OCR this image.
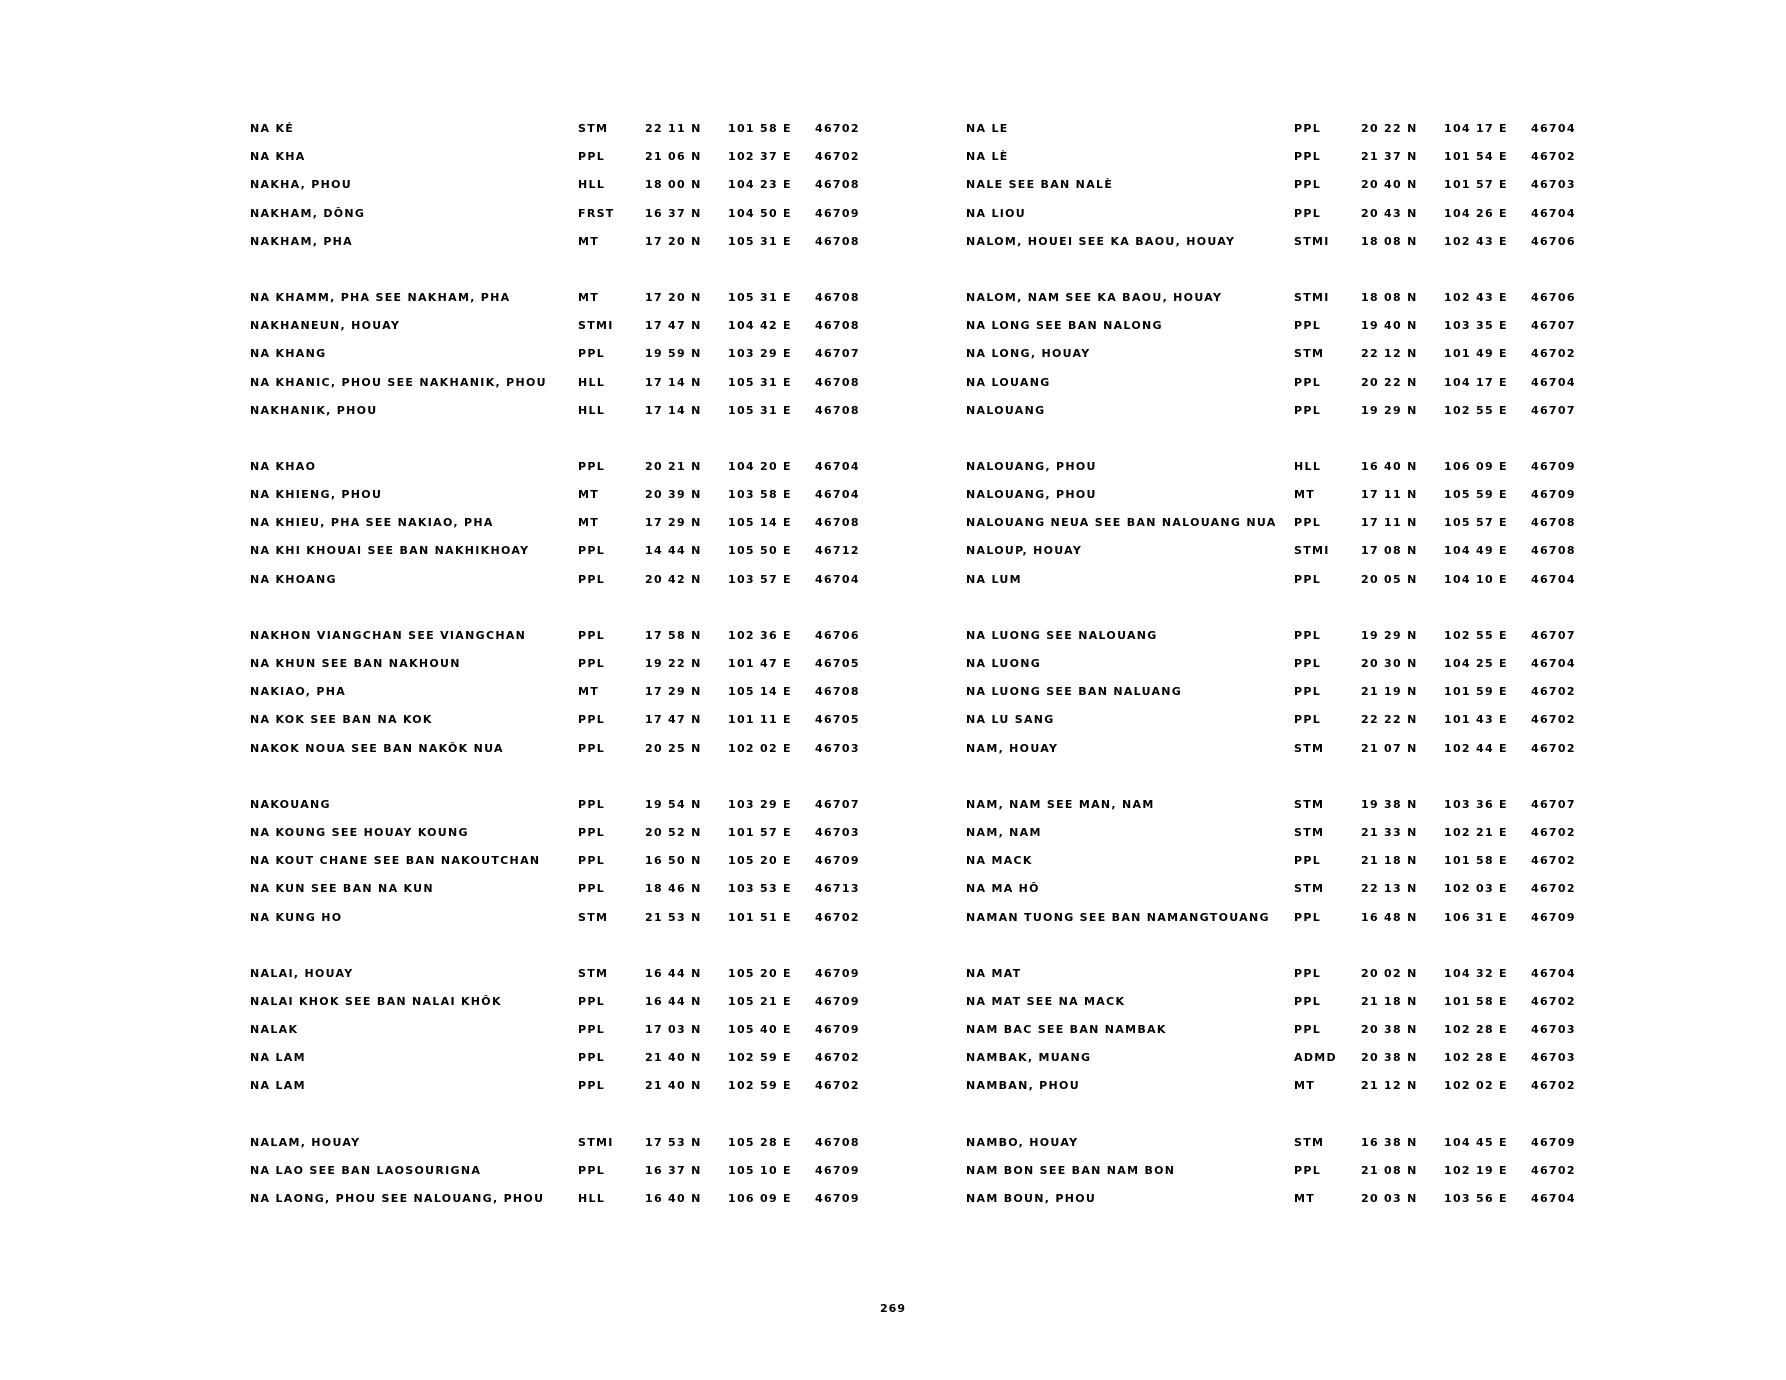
NA KÉ	STM	22 11 N 101 58 E 46702
NA KHA	PPL	21 06 N 102 37 E 46702
NAKHA, PHOU	HLL	18 00 N 104 23 E 46708
NAKHAM, DÔNG	FRST	16 37 N 104 50 E 46709
NAKHAM, PHA	MT	17 20 N 105 31 E 46708
NA KHAMM, PHA SEE NAKHAM, PHA	MT	17 20 N 105 31 E 46708
NAKHANEUN, HOUAY	STMI	17 47 N 104 42 E 46708
NA KHANG	PPL	19 59 N 103 29 E 46707
NA KHANIC, PHOU SEE NAKHANIK, PHOU	HLL	17 14 N 105 31 E 46708
NAKHANIK, PHOU	HLL	17 14 N 105 31 E 46708
NA KHAO	PPL	20 21 N 104 20 E 46704
NA KHIENG, PHOU	MT	20 39 N 103 58 E 46704
NA KHIEU, PHA SEE NAKIAO, PHA	MT	17 29 N 105 14 E 46708
NA KHI KHOUAI SEE BAN NAKHIKHOAY	PPL	14 44 N 105 50 E 46712
NA KHOANG	PPL	20 42 N 103 57 E 46704
NAKHON VIANGCHAN SEE VIANGCHAN	PPL	17 58 N 102 36 E 46706
NA KHUN SEE BAN NAKHOUN	PPL	19 22 N 101 47 E 46705
NAKIAO, PHA	MT	17 29 N 105 14 E 46708
NA KOK SEE BAN NA KOK	PPL	17 47 N 101 11 E 46705
NAKOK NOUA SEE BAN NAKÔK NUA	PPL	20 25 N 102 02 E 46703
NAKOUANG	PPL	19 54 N 103 29 E 46707
NA KOUNG SEE HOUAY KOUNG	PPL	20 52 N 101 57 E 46703
NA KOUT CHANE SEE BAN NAKOUTCHAN	PPL	16 50 N 105 20 E 46709
NA KUN SEE BAN NA KUN	PPL	18 46 N 103 53 E 46713
NA KUNG HO	STM	21 53 N 101 51 E 46702
NALAI, HOUAY	STM	16 44 N 105 20 E 46709
NALAI KHOK SEE BAN NALAI KHÔK	PPL	16 44 N 105 21 E 46709
NALAK	PPL	17 03 N 105 40 E 46709
NA LAM	PPL	21 40 N 102 59 E 46702
NA LAM	PPL	21 40 N 102 59 E 46702
NALAM, HOUAY	STMI	17 53 N 105 28 E 46708
NA LAO SEE BAN LAOSOURIGNA	PPL	16 37 N 105 10 E 46709
NA LAONG, PHOU SEE NALOUANG, PHOU	HLL	16 40 N 106 09 E 46709
NA LE	PPL	20 22 N 104 17 E 46704
NA LÈ	PPL	21 37 N 101 54 E 46702
NALE SEE BAN NALÈ	PPL	20 40 N 101 57 E 46703
NA LIOU	PPL	20 43 N 104 26 E 46704
NALOM, HOUEI SEE KA BAOU, HOUAY	STMI	18 08 N 102 43 E 46706
NALOM, NAM SEE KA BAOU, HOUAY	STMI	18 08 N 102 43 E 46706
NA LONG SEE BAN NALONG	PPL	19 40 N 103 35 E 46707
NA LONG, HOUAY	STM	22 12 N 101 49 E 46702
NA LOUANG	PPL	20 22 N 104 17 E 46704
NALOUANG	PPL	19 29 N 102 55 E 46707
NALOUANG, PHOU	HLL	16 40 N 106 09 E 46709
NALOUANG, PHOU	MT	17 11 N 105 59 E 46709
NALOUANG NEUA SEE BAN NALOUANG NUA PPL	17 11 N 105 57 E 46708
NALOUP, HOUAY	STMI	17 08 N 104 49 E 46708
NA LUM	PPL	20 05 N 104 10 E 46704
NA LUONG SEE NALOUANG	PPL	19 29 N 102 55 E 46707
NA LUONG	PPL	20 30 N 104 25 E 46704
NA LUONG SEE BAN NALUANG	PPL	21 19 N 101 59 E 46702
NA LU SANG	PPL	22 22 N 101 43 E 46702
NAM, HOUAY	STM	21 07 N 102 44 E 46702
NAM, NAM SEE MAN, NAM	STM	19 38 N 103 36 E 46707
NAM, NAM	STM	21 33 N 102 21 E 46702
NA MACK	PPL	21 18 N 101 58 E 46702
NA MA HÔ	STM	22 13 N 102 03 E 46702
NAMAN TUONG SEE BAN NAMANGTOUANG PPL	16 48 N 106 31 E 46709
NA MAT	PPL	20 02 N 104 32 E 46704
NA MAT SEE NA MACK	PPL	21 18 N 101 58 E 46702
NAM BAC SEE BAN NAMBAK	PPL	20 38 N 102 28 E 46703
NAMBAK, MUANG	ADMD 20 38 N 102 28 E 46703
NAMBAN, PHOU	MT	21 12 N 102 02 E 46702
NAMBO, HOUAY	STM	16 38 N 104 45 E 46709
NAM BON SEE BAN NAM BON	PPL	21 08 N 102 19 E 46702
NAM BOUN, PHOU	MT	20 03 N 103 56 E 46704
269
